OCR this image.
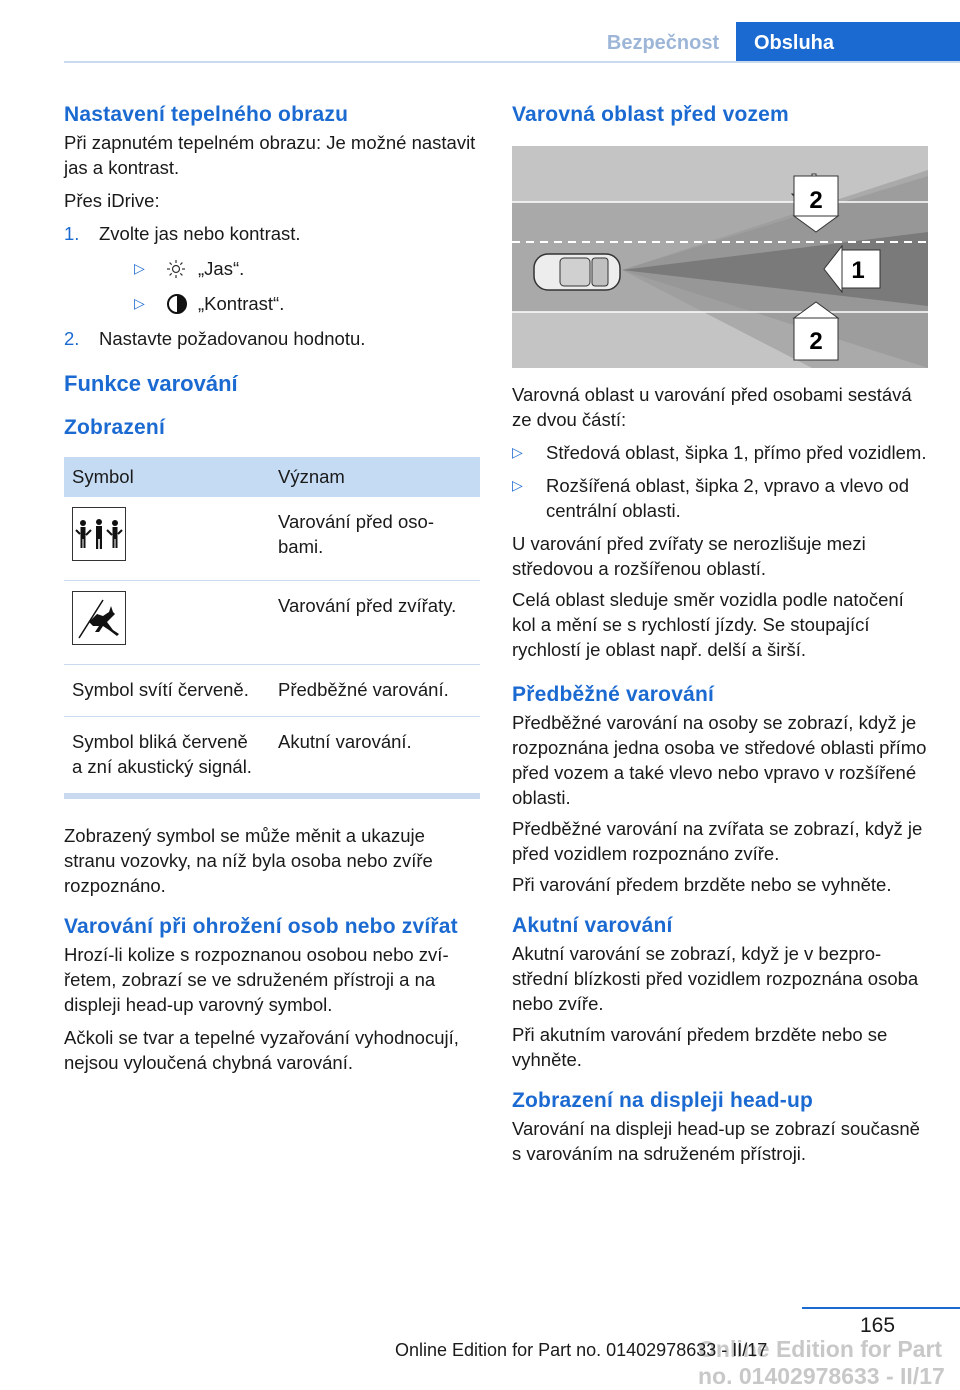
Bezpečnost	Obsluha
Nastavení tepelného obrazu

Při zapnutém tepelném obrazu: Je možné nastavit jas a kontrast.

Přes iDrive:

1. Zvolte jas nebo kontrast.
▷	„Jas“.
▷	„Kontrast“.
2. Nastavte požadovanou hodnotu.
Funkce varování
Zobrazení
Symbol	Význam
	Varování před osobami.
	Varování před zvířaty.
Symbol svítí červeně.	Předběžné varování.
Symbol bliká červeně a zní akustický signál.	Akutní varování.

Zobrazený symbol se může měnit a ukazuje stranu vozovky, na níž byla osoba nebo zvíře rozpoznáno.

Varování při ohrožení osob nebo zvířat

Hrozí-li kolize s rozpoznanou osobou nebo zvířetem, zobrazí se ve sdruženém přístroji a na displeji head-up varovný symbol.

Ačkoli se tvar a tepelné vyzařování vyhodnocují, nejsou vyloučená chybná varování.

Varovná oblast před vozem
2
1
2

Varovná oblast u varování před osobami sestává ze dvou částí:

▷ Středová oblast, šipka 1, přímo před vozidlem.
▷ Rozšířená oblast, šipka 2, vpravo a vlevo od centrální oblasti.

U varování před zvířaty se nerozlišuje mezi středovou a rozšířenou oblastí.

Celá oblast sleduje směr vozidla podle natočení kol a mění se s rychlostí jízdy. Se stoupající rychlostí je oblast např. delší a širší.

Předběžné varování

Předběžné varování na osoby se zobrazí, když je rozpoznána jedna osoba ve středové oblasti přímo před vozem a také vlevo nebo vpravo v rozšířené oblasti.

Předběžné varování na zvířata se zobrazí, když je před vozidlem rozpoznáno zvíře.

Při varování předem brzděte nebo se vyhněte.

Akutní varování

Akutní varování se zobrazí, když je v bezprostřední blízkosti před vozidlem rozpoznána osoba nebo zvíře.

Při akutním varování předem brzděte nebo se vyhněte.

Zobrazení na displeji head-up

Varování na displeji head-up se zobrazí současně s varováním na sdruženém přístroji.

165
Online Edition for Part no. 01402978633 - II/17
Online Edition for Part no. 01402978633 - II/17
